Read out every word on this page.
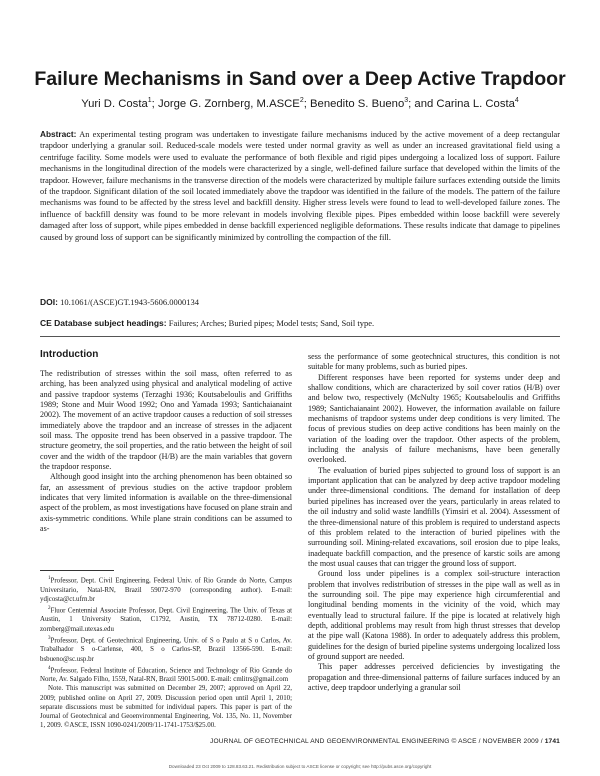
Failure Mechanisms in Sand over a Deep Active Trapdoor
Yuri D. Costa$^1$; Jorge G. Zornberg, M.ASCE$^2$; Benedito S. Bueno$^3$; and Carina L. Costa$^4$

Abstract: An experimental testing program was undertaken to investigate failure mechanisms induced by the active movement of a deep rectangular trapdoor underlying a granular soil. Reduced-scale models were tested under normal gravity as well as under an increased gravitational field using a centrifuge facility. Some models were used to evaluate the performance of both flexible and rigid pipes undergoing a localized loss of support. Failure mechanisms in the longitudinal direction of the models were characterized by a single, well-defined failure surface that developed within the limits of the trapdoor. However, failure mechanisms in the transverse direction of the models were characterized by multiple failure surfaces extending outside the limits of the trapdoor. Significant dilation of the soil located immediately above the trapdoor was identified in the failure of the models. The pattern of the failure mechanisms was found to be affected by the stress level and backfill density. Higher stress levels were found to lead to well-developed failure zones. The influence of backfill density was found to be more relevant in models involving flexible pipes. Pipes embedded within loose backfill were severely damaged after loss of support, while pipes embedded in dense backfill experienced negligible deformations. These results indicate that damage to pipelines caused by ground loss of support can be significantly minimized by controlling the compaction of the fill.

DOI: 10.1061/(ASCE)GT.1943-5606.0000134
CE Database subject headings: Failures; Arches; Buried pipes; Model tests; Sand, Soil type.
Introduction

The redistribution of stresses within the soil mass, often referred to as arching, has been analyzed using physical and analytical modeling of active and passive trapdoor systems (Terzaghi 1936; Koutsabeloulis and Griffiths 1989; Stone and Muir Wood 1992; Ono and Yamada 1993; Santichaianaint 2002). The movement of an active trapdoor causes a reduction of soil stresses immediately above the trapdoor and an increase of stresses in the adjacent soil mass. The opposite trend has been observed in a passive trapdoor. The structure geometry, the soil properties, and the ratio between the height of soil cover and the width of the trapdoor (H/B) are the main variables that govern the trapdoor response.

Although good insight into the arching phenomenon has been obtained so far, an assessment of previous studies on the active trapdoor problem indicates that very limited information is available on the three-dimensional aspect of the problem, as most investigations have focused on plane strain and axis-symmetric conditions. While plane strain conditions can be assumed to as-

$^1$Professor, Dept. Civil Engineering, Federal Univ. of Rio Grande do Norte, Campus Universitario, Natal-RN, Brazil 59072-970 (corresponding author). E-mail: ydjcosta@ct.ufrn.br

$^2$Fluor Centennial Associate Professor, Dept. Civil Engineering, The Univ. of Texas at Austin, 1 University Station, C1792, Austin, TX 78712-0280. E-mail: zornberg@mail.utexas.edu

$^3$Professor, Dept. of Geotechnical Engineering, Univ. of S o Paulo at S o Carlos, Av. Trabalhador S o-Carlense, 400, S o Carlos-SP, Brazil 13566-590. E-mail: bsbueno@sc.usp.br

$^4$Professor, Federal Institute of Education, Science and Technology of Rio Grande do Norte, Av. Salgado Filho, 1559, Natal-RN, Brazil 59015-000. E-mail: cmlitrs@gmail.com

Note. This manuscript was submitted on December 29, 2007; approved on April 22, 2009; published online on April 27, 2009. Discussion period open until April 1, 2010; separate discussions must be submitted for individual papers. This paper is part of the Journal of Geotechnical and Geoenvironmental Engineering, Vol. 135, No. 11, November 1, 2009. ©ASCE, ISSN 1090-0241/2009/11-1741-1753/$25.00.

sess the performance of some geotechnical structures, this condition is not suitable for many problems, such as buried pipes.

Different responses have been reported for systems under deep and shallow conditions, which are characterized by soil cover ratios (H/B) over and below two, respectively (McNulty 1965; Koutsabeloulis and Griffiths 1989; Santichaianaint 2002). However, the information available on failure mechanisms of trapdoor systems under deep conditions is very limited. The focus of previous studies on deep active conditions has been mainly on the variation of the loading over the trapdoor. Other aspects of the problem, including the analysis of failure mechanisms, have been generally overlooked.

The evaluation of buried pipes subjected to ground loss of support is an important application that can be analyzed by deep active trapdoor modeling under three-dimensional conditions. The demand for installation of deep buried pipelines has increased over the years, particularly in areas related to the oil industry and solid waste landfills (Yimsiri et al. 2004). Assessment of the three-dimensional nature of this problem is required to understand aspects of this problem related to the interaction of buried pipelines with the surrounding soil. Mining-related excavations, soil erosion due to pipe leaks, inadequate backfill compaction, and the presence of karstic soils are among the most usual causes that can trigger the ground loss of support.

Ground loss under pipelines is a complex soil-structure interaction problem that involves redistribution of stresses in the pipe wall as well as in the surrounding soil. The pipe may experience high circumferential and longitudinal bending moments in the vicinity of the void, which may eventually lead to structural failure. If the pipe is located at relatively high depth, additional problems may result from high thrust stresses that develop at the pipe wall (Katona 1988). In order to adequately address this problem, guidelines for the design of buried pipeline systems undergoing localized loss of ground support are needed.

This paper addresses perceived deficiencies by investigating the propagation and three-dimensional patterns of failure surfaces induced by an active, deep trapdoor underlying a granular soil

JOURNAL OF GEOTECHNICAL AND GEOENVIRONMENTAL ENGINEERING © ASCE / NOVEMBER 2009 / 1741
Downloaded 23 Oct 2009 to 128.83.63.21. Redistribution subject to ASCE license or copyright; see http://pubs.asce.org/copyright
